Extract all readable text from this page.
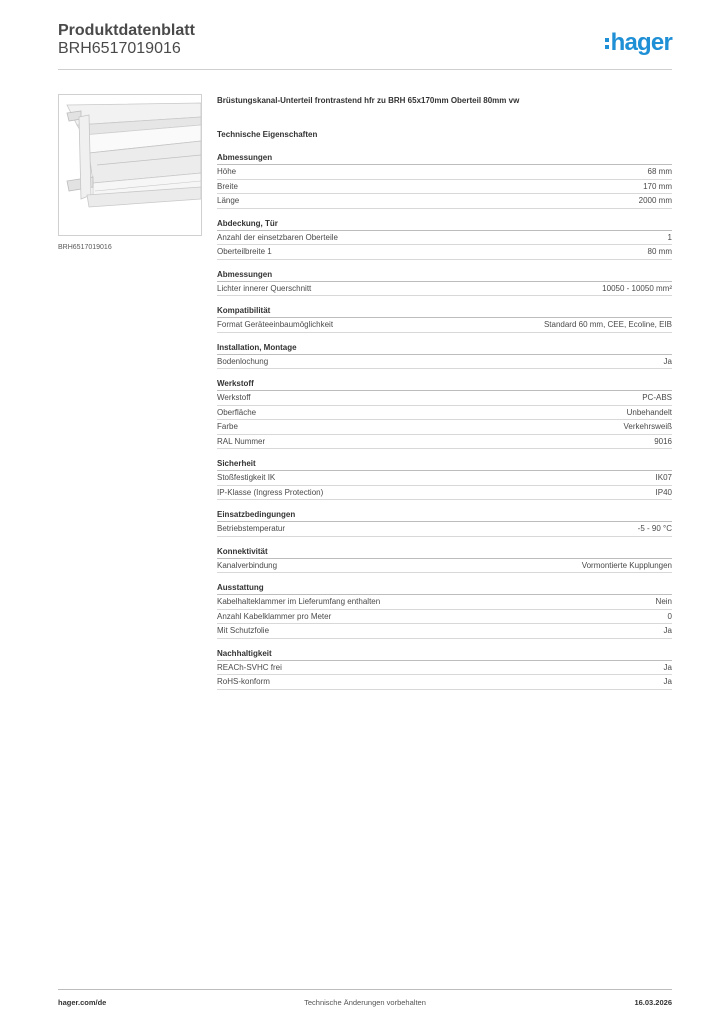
Produktdatenblatt
BRH6517019016	hager
BRH6517019016
Brüstungskanal-Unterteil frontrastend hfr zu BRH 65x170mm Oberteil 80mm vw
Technische Eigenschaften
Abmessungen
Höhe	68 mm
Breite	170 mm
Länge	2000 mm
Abdeckung, Tür
Anzahl der einsetzbaren Oberteile	1
Oberteilbreite 1	80 mm
Abmessungen
Lichter innerer Querschnitt	10050 - 10050 mm²
Kompatibilität
Format Geräteeinbaumöglichkeit	Standard 60 mm, CEE, Ecoline, EIB
Installation, Montage
Bodenlochung	Ja
Werkstoff
Werkstoff	PC-ABS
Oberfläche	Unbehandelt
Farbe	Verkehrsweiß
RAL Nummer	9016
Sicherheit
Stoßfestigkeit IK	IK07
IP-Klasse (Ingress Protection)	IP40
Einsatzbedingungen
Betriebstemperatur	-5 - 90 °C
Konnektivität
Kanalverbindung	Vormontierte Kupplungen
Ausstattung
Kabelhalteklammer im Lieferumfang enthalten	Nein
Anzahl Kabelklammer pro Meter	0
Mit Schutzfolie	Ja
Nachhaltigkeit
REACh-SVHC frei	Ja
RoHS-konform	Ja
hager.com/de	Technische Änderungen vorbehalten	16.03.2026
